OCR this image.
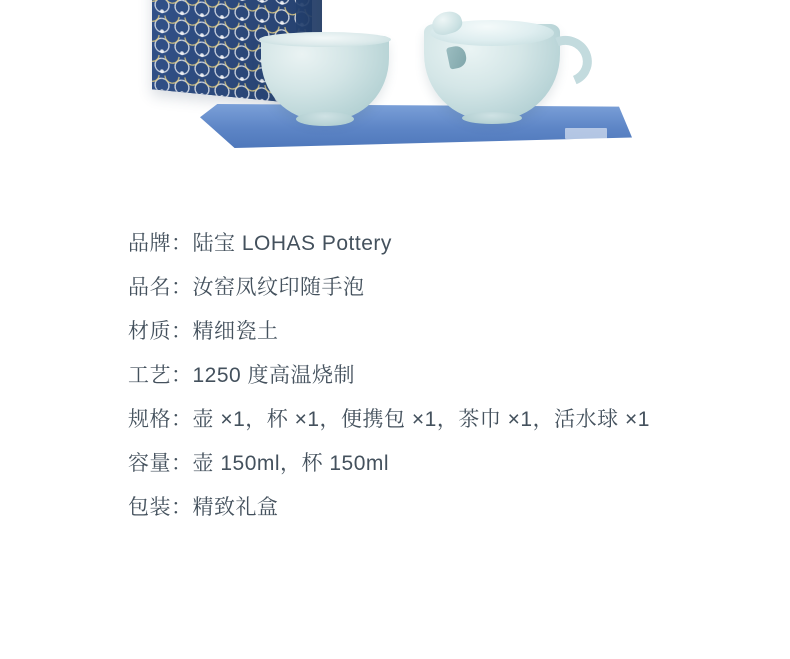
品牌：陆宝 LOHAS Pottery
品名：汝窑凤纹印随手泡
材质：精细瓷土
工艺：1250 度高温烧制
规格：壶 ×1，杯 ×1，便携包 ×1，茶巾 ×1，活水球 ×1
容量：壶 150ml，杯 150ml
包装：精致礼盒
